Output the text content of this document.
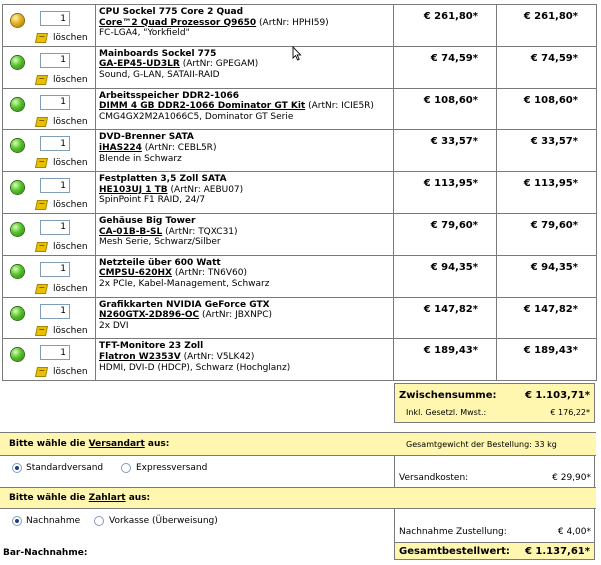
1
löschen	CPU Sockel 775 Core 2 Quad
Core™2 Quad Prozessor Q9650 (ArtNr: HPHI59)
FC-LGA4, "Yorkfield"	€ 261,80*	€ 261,80*

1
löschen	Mainboards Sockel 775
GA-EP45-UD3LR (ArtNr: GPEGAM)
Sound, G-LAN, SATAII-RAID	€ 74,59*	€ 74,59*

1
löschen	Arbeitsspeicher DDR2-1066
DIMM 4 GB DDR2-1066 Dominator GT Kit (ArtNr: ICIE5R)
CMG4GX2M2A1066C5, Dominator GT Serie	€ 108,60*	€ 108,60*

1
löschen	DVD-Brenner SATA
iHAS224 (ArtNr: CEBL5R)
Blende in Schwarz	€ 33,57*	€ 33,57*

1
löschen	Festplatten 3,5 Zoll SATA
HE103UJ 1 TB (ArtNr: AEBU07)
SpinPoint F1 RAID, 24/7	€ 113,95*	€ 113,95*

1
löschen	Gehäuse Big Tower
CA-01B-B-SL (ArtNr: TQXC31)
Mesh Serie, Schwarz/Silber	€ 79,60*	€ 79,60*

1
löschen	Netzteile über 600 Watt
CMPSU-620HX (ArtNr: TN6V60)
2x PCIe, Kabel-Management, Schwarz	€ 94,35*	€ 94,35*

1
löschen	Grafikkarten NVIDIA GeForce GTX
N260GTX-2D896-OC (ArtNr: JBXNPC)
2x DVI	€ 147,82*	€ 147,82*

1
löschen	TFT-Monitore 23 Zoll
Flatron W2353V (ArtNr: V5LK42)
HDMI, DVI-D (HDCP), Schwarz (Hochglanz)	€ 189,43*	€ 189,43*
Zwischensumme:	€ 1.103,71*
Inkl. Gesetzl. Mwst.:	€ 176,22*
Bitte wähle die Versandart aus:	Gesamtgewicht der Bestellung: 33 kg
Standardversand	Expressversand
Versandkosten:	€ 29,90*
Bitte wähle die Zahlart aus:
Nachnahme	Vorkasse (Überweisung)
Nachnahme Zustellung:	€ 4,00*
Gesamtbestellwert: € 1.137,61*
Bar-Nachnahme:
